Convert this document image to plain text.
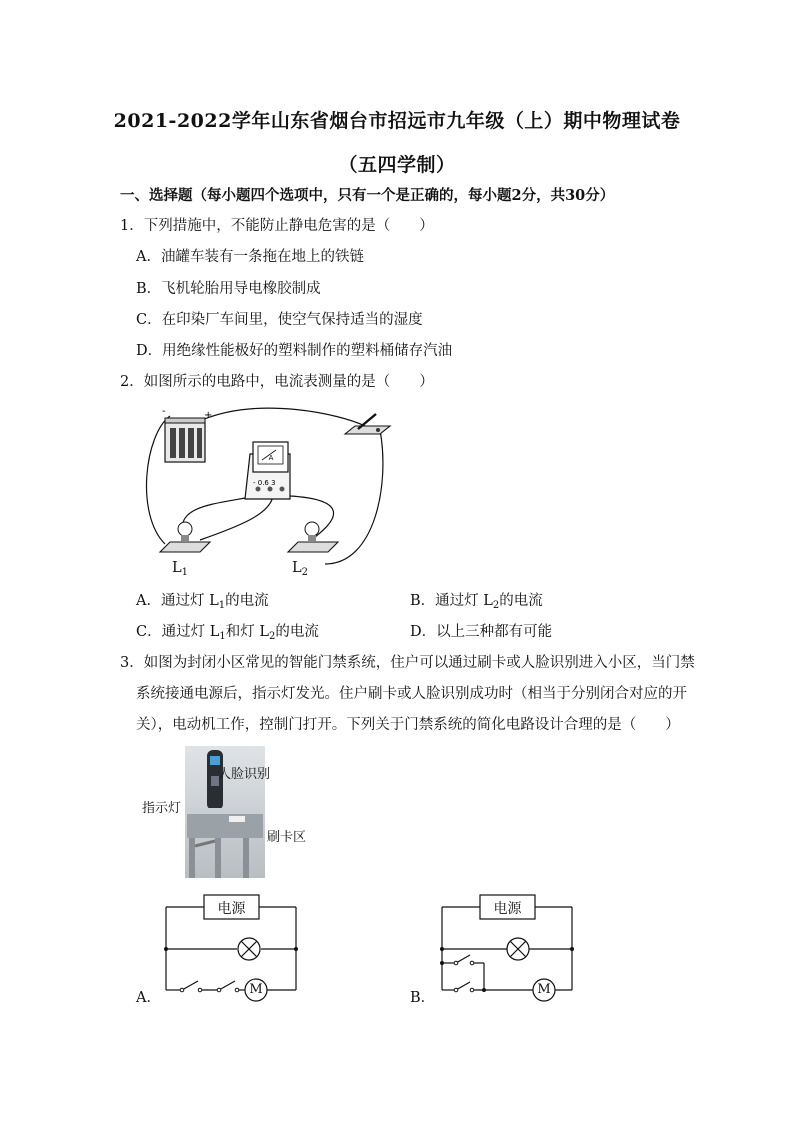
2021-2022学年山东省烟台市招远市九年级（上）期中物理试卷
（五四学制）
一、选择题（每小题四个选项中，只有一个是正确的，每小题2分，共30分）
1．下列措施中，不能防止静电危害的是（　　）
A．油罐车装有一条拖在地上的铁链
B．飞机轮胎用导电橡胶制成
C．在印染厂车间里，使空气保持适当的湿度
D．用绝缘性能极好的塑料制作的塑料桶储存汽油
2．如图所示的电路中，电流表测量的是（　　）
-	+
A
- 0.6 3
$L_1$	$L_2$
A．通过灯 $L_1$的电流	B．通过灯 $L_2$的电流
C．通过灯 $L_1$和灯 $L_2$的电流	D．以上三种都有可能
3．如图为封闭小区常见的智能门禁系统，住户可以通过刷卡或人脸识别进入小区，当门禁
系统接通电源后，指示灯发光。住户刷卡或人脸识别成功时（相当于分别闭合对应的开
关），电动机工作，控制门打开。下列关于门禁系统的简化电路设计合理的是（　　）
人脸识别
指示灯
刷卡区
电源
M
A．
电源
M
B．
